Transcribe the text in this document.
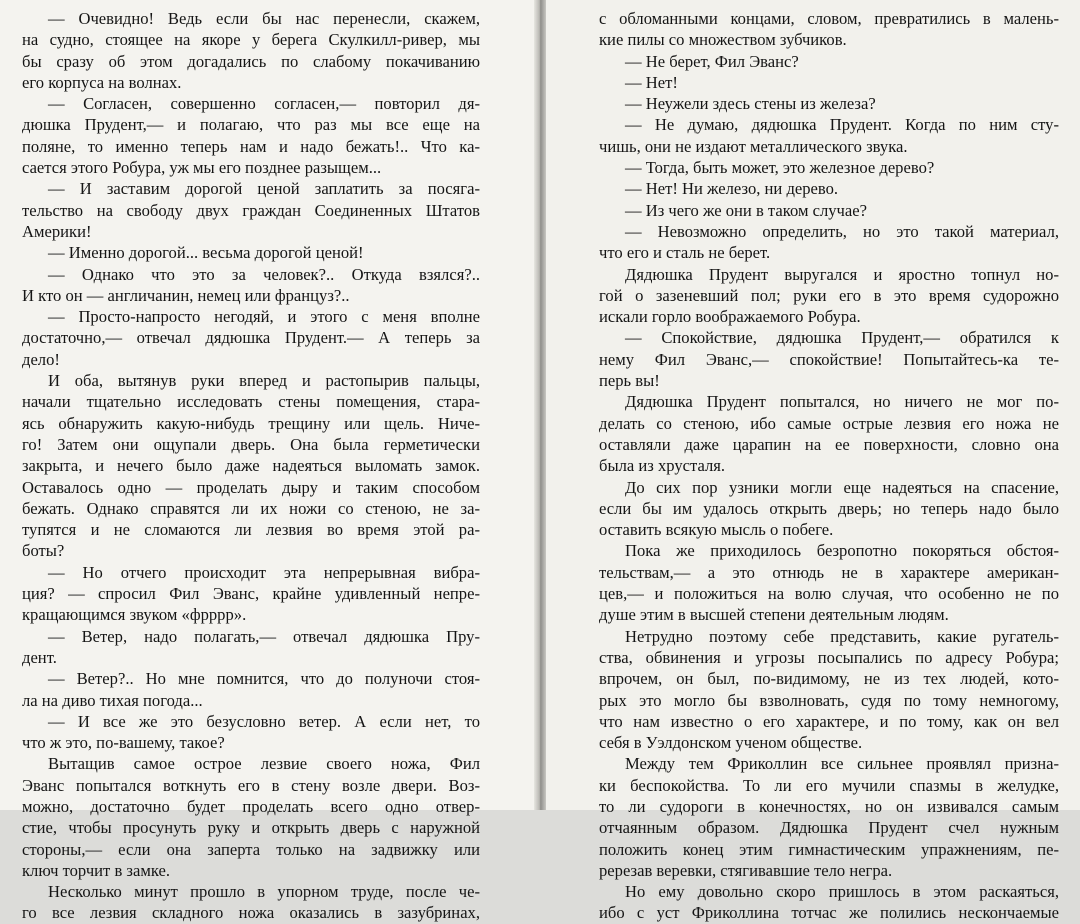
— Очевидно! Ведь если бы нас перенесли, скажем,
на судно, стоящее на якоре у берега Скулкилл-ривер, мы
бы сразу об этом догадались по слабому покачиванию
его корпуса на волнах.
— Согласен, совершенно согласен,— повторил дя-
дюшка Прудент,— и полагаю, что раз мы все еще на
поляне, то именно теперь нам и надо бежать!.. Что ка-
сается этого Робура, уж мы его позднее разыщем...
— И заставим дорогой ценой заплатить за посяга-
тельство на свободу двух граждан Соединенных Штатов
Америки!
— Именно дорогой... весьма дорогой ценой!
— Однако что это за человек?.. Откуда взялся?..
И кто он — англичанин, немец или француз?..
— Просто-напросто негодяй, и этого с меня вполне
достаточно,— отвечал дядюшка Прудент.— А теперь за
дело!
И оба, вытянув руки вперед и растопырив пальцы,
начали тщательно исследовать стены помещения, стара-
ясь обнаружить какую-нибудь трещину или щель. Ниче-
го! Затем они ощупали дверь. Она была герметически
закрыта, и нечего было даже надеяться выломать замок.
Оставалось одно — проделать дыру и таким способом
бежать. Однако справятся ли их ножи со стеною, не за-
тупятся и не сломаются ли лезвия во время этой ра-
боты?
— Но отчего происходит эта непрерывная вибра-
ция? — спросил Фил Эванс, крайне удивленный непре-
кращающимся звуком «фрррр».
— Ветер, надо полагать,— отвечал дядюшка Пру-
дент.
— Ветер?.. Но мне помнится, что до полуночи стоя-
ла на диво тихая погода...
— И все же это безусловно ветер. А если нет, то
что ж это, по-вашему, такое?
Вытащив самое острое лезвие своего ножа, Фил
Эванс попытался воткнуть его в стену возле двери. Воз-
можно, достаточно будет проделать всего одно отвер-
стие, чтобы просунуть руку и открыть дверь с наружной
стороны,— если она заперта только на задвижку или
ключ торчит в замке.
Несколько минут прошло в упорном труде, после че-
го все лезвия складного ножа оказались в зазубринах,
с обломанными концами, словом, превратились в малень-
кие пилы со множеством зубчиков.
— Не берет, Фил Эванс?
— Нет!
— Неужели здесь стены из железа?
— Не думаю, дядюшка Прудент. Когда по ним сту-
чишь, они не издают металлического звука.
— Тогда, быть может, это железное дерево?
— Нет! Ни железо, ни дерево.
— Из чего же они в таком случае?
— Невозможно определить, но это такой материал,
что его и сталь не берет.
Дядюшка Прудент выругался и яростно топнул но-
гой о зазеневший пол; руки его в это время судорожно
искали горло воображаемого Робура.
— Спокойствие, дядюшка Прудент,— обратился к
нему Фил Эванс,— спокойствие! Попытайтесь-ка те-
перь вы!
Дядюшка Прудент попытался, но ничего не мог по-
делать со стеною, ибо самые острые лезвия его ножа не
оставляли даже царапин на ее поверхности, словно она
была из хрусталя.
До сих пор узники могли еще надеяться на спасение,
если бы им удалось открыть дверь; но теперь надо было
оставить всякую мысль о побеге.
Пока же приходилось безропотно покоряться обстоя-
тельствам,— а это отнюдь не в характере американ-
цев,— и положиться на волю случая, что особенно не по
душе этим в высшей степени деятельным людям.
Нетрудно поэтому себе представить, какие ругатель-
ства, обвинения и угрозы посыпались по адресу Робура;
впрочем, он был, по-видимому, не из тех людей, кото-
рых это могло бы взволновать, судя по тому немногому,
что нам известно о его характере, и по тому, как он вел
себя в Уэлдонском ученом обществе.
Между тем Фриколлин все сильнее проявлял призна-
ки беспокойства. То ли его мучили спазмы в желудке,
то ли судороги в конечностях, но он извивался самым
отчаянным образом. Дядюшка Прудент счел нужным
положить конец этим гимнастическим упражнениям, пе-
ререзав веревки, стягивавшие тело негра.
Но ему довольно скоро пришлось в этом раскаяться,
ибо с уст Фриколлина тотчас же полились нескончаемые
